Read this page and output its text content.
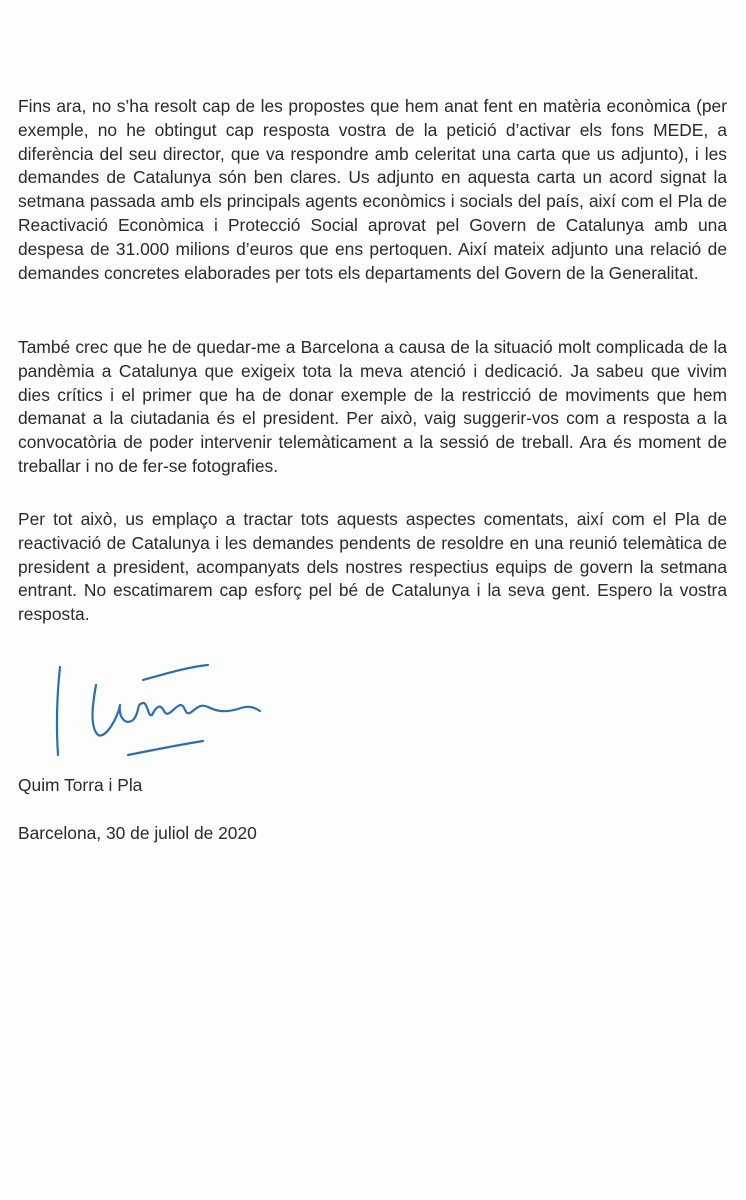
Fins ara, no s’ha resolt cap de les propostes que hem anat fent en matèria econòmica (per exemple, no he obtingut cap resposta vostra de la petició d’activar els fons MEDE, a diferència del seu director, que va respondre amb celeritat una carta que us adjunto), i les demandes de Catalunya són ben clares. Us adjunto en aquesta carta un acord signat la setmana passada amb els principals agents econòmics i socials del país, així com el Pla de Reactivació Econòmica i Protecció Social aprovat pel Govern de Catalunya amb una despesa de 31.000 milions d’euros que ens pertoquen. Així mateix adjunto una relació de demandes concretes elaborades per tots els departaments del Govern de la Generalitat.

També crec que he de quedar-me a Barcelona a causa de la situació molt complicada de la pandèmia a Catalunya que exigeix tota la meva atenció i dedicació. Ja sabeu que vivim dies crítics i el primer que ha de donar exemple de la restricció de moviments que hem demanat a la ciutadania és el president. Per això, vaig suggerir-vos com a resposta a la convocatòria de poder intervenir telemàticament a la sessió de treball. Ara és moment de treballar i no de fer-se fotografies.

Per tot això, us emplaço a tractar tots aquests aspectes comentats, així com el Pla de reactivació de Catalunya i les demandes pendents de resoldre en una reunió telemàtica de president a president, acompanyats dels nostres respectius equips de govern la setmana entrant. No escatimarem cap esforç pel bé de Catalunya i la seva gent. Espero la vostra resposta.

Quim Torra i Pla

Barcelona, 30 de juliol de 2020
